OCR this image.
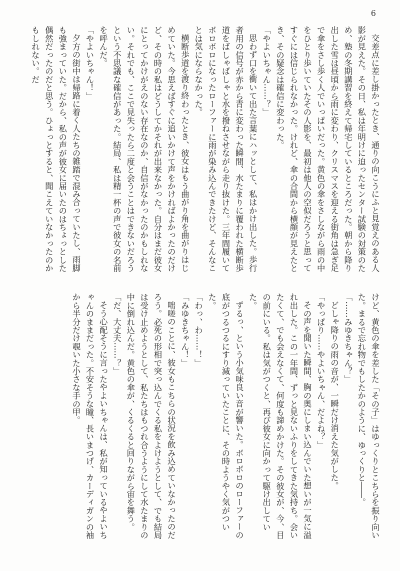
6

交差点に差し掛かったとき、通りの向こうにふと見覚えのある人影が見えた。その日、私は年明けに迫ったセンター試験の対策のため、塾の冬期講習を終えて帰宅しているところだった。朝から降り出した雪は昼頃から雨に変わり、クリスマスを迎える街角は急ぎ足で傘をさし歩く人でいっぱいだった。黄色の傘をさしながら雨の中をひとり歩いていたその人影を、最初は他人の空似だろうと思ってすぐには信じられなかった。けれど、傘の合間から横顔が見えたとき、その疑念は確信に変わった。

「やよいちゃん……？」

思わず口を衝いて出た言葉にハッとして、私はかけ出した。歩行者用の信号が赤から青に変わった瞬間、水たまりに覆われた横断歩道をばしゃばしゃと水を撥ねさせながら走り抜けた。三年間履いてボロボロになったローファーに雨が染み込んできたけど、そんなことは気にならなかった。

横断歩道を渡り終わったとき、彼女はもう曲がり角を曲がりはじめていた。今思えばすぐに追いかけて声をかければよかったのだけど、その時の私はどうしてかそれが出来なかった。自分はまだ彼女にとってかけがえのない存在なのか、自信がなかったのかもしれない。それでも、ここで見失ったら二度と会うことはできないだろうという不思議な確信があった。結局、私は精一杯の声で彼女の名前を呼んだ。

「やよいちゃん！」

夕方の街中は帰路に着く人たちの雑踏で混み合っていたし、雨脚も強まっていた。だから、私の声が彼女に届いたのはちょっとした偶然だったのだと思う。ひょっとすると、聞こえていなかったのかもしれない。だ

けど、黄色の傘を差した「その子」はゆっくりとこちらを振り向いた。まるで忘れ物でもしたかのように、ゆっくりと――。

「……みゆきちゃん？」

どしゃ降りの雨の音が、一瞬だけ消えた気がした。

「やっぱり……やよいちゃん、だよね？」

その声を聞いた瞬間、胸の奥にしまい込んでいた想いが一気に溢れ出した。この一年間、ずっと見ないふりをしてきた気持ち。会いたくて、でも会えなくて、何度も諦めかけた。その彼女が、今、目の前にいる。私は気がつくと、再び彼女に向かって駆け出していた。

ずるっ、という小気味良い音が響いた。ボロボロのローファーの底がつるつるにすり減っていたことに、その時ようやく気がついた。

「わっ、わ……！」

「みゆきちゃん！」

咄嗟のことに、彼女もこちらの状況を飲み込めていなかったのだろう。必死の形相で突っ込んでくる私をよけようとして、でも結局は受け止めようとして、私たちはもつれ合うようにして水たまりの中に倒れ込んだ。黄色の傘が、くるくると回りながら宙を舞う。

「だ、大丈夫……？」

そう心配そうに言ったやよいちゃんは、私が知っているやよいちゃんのままだった。不安そうな瞳、長いまつげ、カーディガンの袖から半分だけ覗いた小さな手の甲。
